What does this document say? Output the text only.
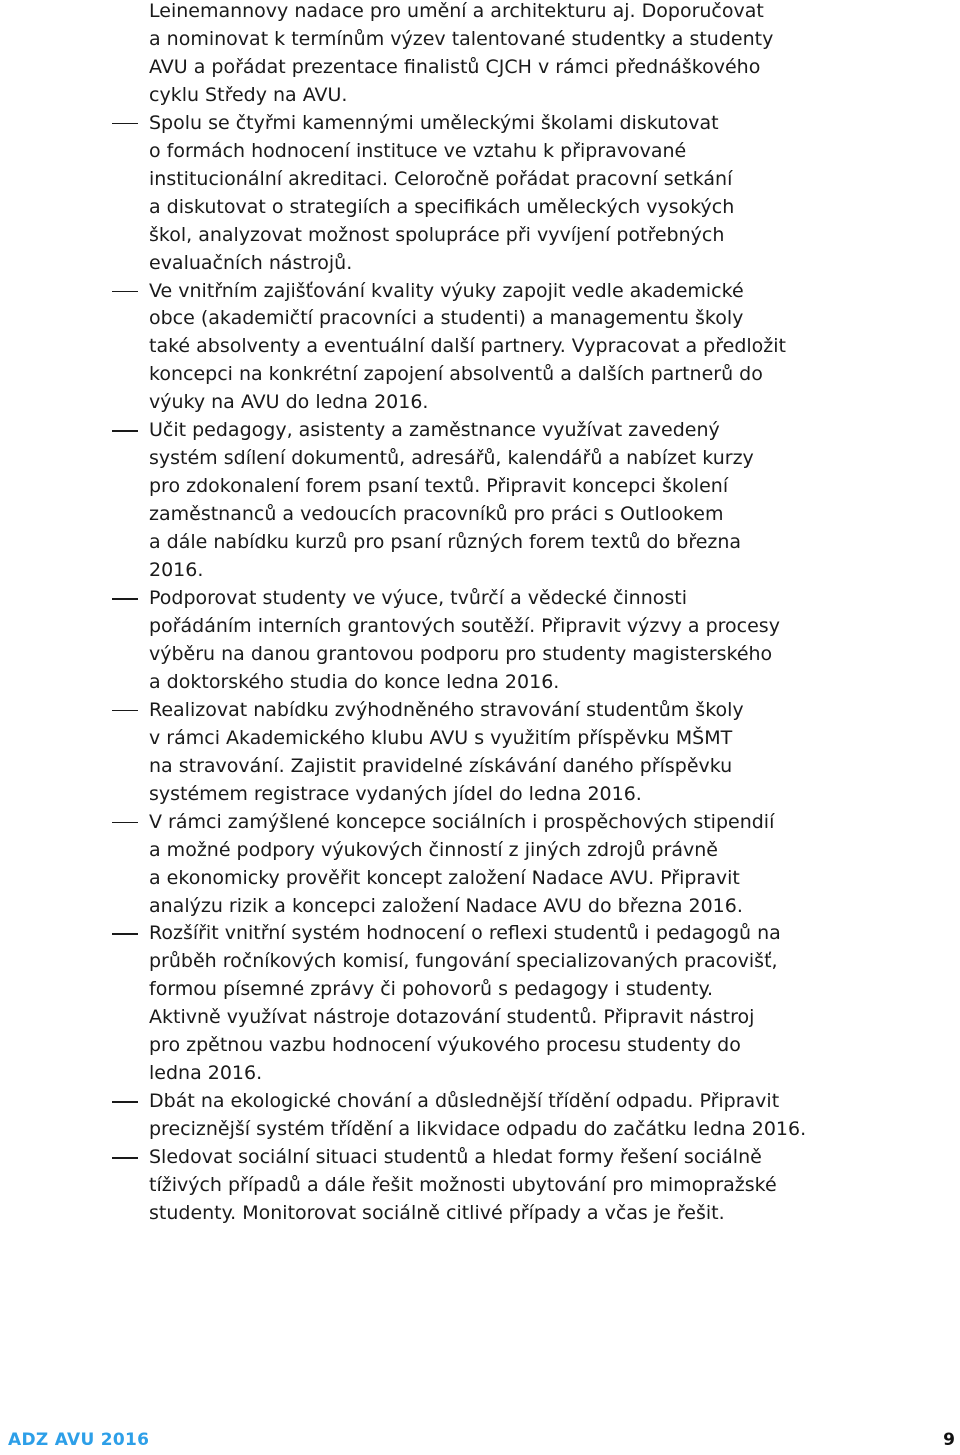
Leinemannovy nadace pro umění a architekturu aj. Doporučovat
a nominovat k termínům výzev talentované studentky a studenty
AVU a pořádat prezentace finalistů CJCH v rámci přednáškového
cyklu Středy na AVU.

Spolu se čtyřmi kamennými uměleckými školami diskutovat
o formách hodnocení instituce ve vztahu k připravované
institucionální akreditaci. Celoročně pořádat pracovní setkání
a diskutovat o strategiích a specifikách uměleckých vysokých
škol, analyzovat možnost spolupráce při vyvíjení potřebných
evaluačních nástrojů.

Ve vnitřním zajišťování kvality výuky zapojit vedle akademické
obce (akademičtí pracovníci a studenti) a managementu školy
také absolventy a eventuální další partnery. Vypracovat a předložit
koncepci na konkrétní zapojení absolventů a dalších partnerů do
výuky na AVU do ledna 2016.

Učit pedagogy, asistenty a zaměstnance využívat zavedený
systém sdílení dokumentů, adresářů, kalendářů a nabízet kurzy
pro zdokonalení forem psaní textů. Připravit koncepci školení
zaměstnanců a vedoucích pracovníků pro práci s Outlookem
a dále nabídku kurzů pro psaní různých forem textů do března
2016.

Podporovat studenty ve výuce, tvůrčí a vědecké činnosti
pořádáním interních grantových soutěží. Připravit výzvy a procesy
výběru na danou grantovou podporu pro studenty magisterského
a doktorského studia do konce ledna 2016.

Realizovat nabídku zvýhodněného stravování studentům školy
v rámci Akademického klubu AVU s využitím příspěvku MŠMT
na stravování. Zajistit pravidelné získávání daného příspěvku
systémem registrace vydaných jídel do ledna 2016.

V rámci zamýšlené koncepce sociálních i prospěchových stipendií
a možné podpory výukových činností z jiných zdrojů právně
a ekonomicky prověřit koncept založení Nadace AVU. Připravit
analýzu rizik a koncepci založení Nadace AVU do března 2016.

Rozšířit vnitřní systém hodnocení o reflexi studentů i pedagogů na
průběh ročníkových komisí, fungování specializovaných pracovišť,
formou písemné zprávy či pohovorů s pedagogy i studenty.
Aktivně využívat nástroje dotazování studentů. Připravit nástroj
pro zpětnou vazbu hodnocení výukového procesu studenty do
ledna 2016.

Dbát na ekologické chování a důslednější třídění odpadu. Připravit
preciznější systém třídění a likvidace odpadu do začátku ledna 2016.

Sledovat sociální situaci studentů a hledat formy řešení sociálně
tíživých případů a dále řešit možnosti ubytování pro mimopražské
studenty. Monitorovat sociálně citlivé případy a včas je řešit.

ADZ AVU 2016	9
